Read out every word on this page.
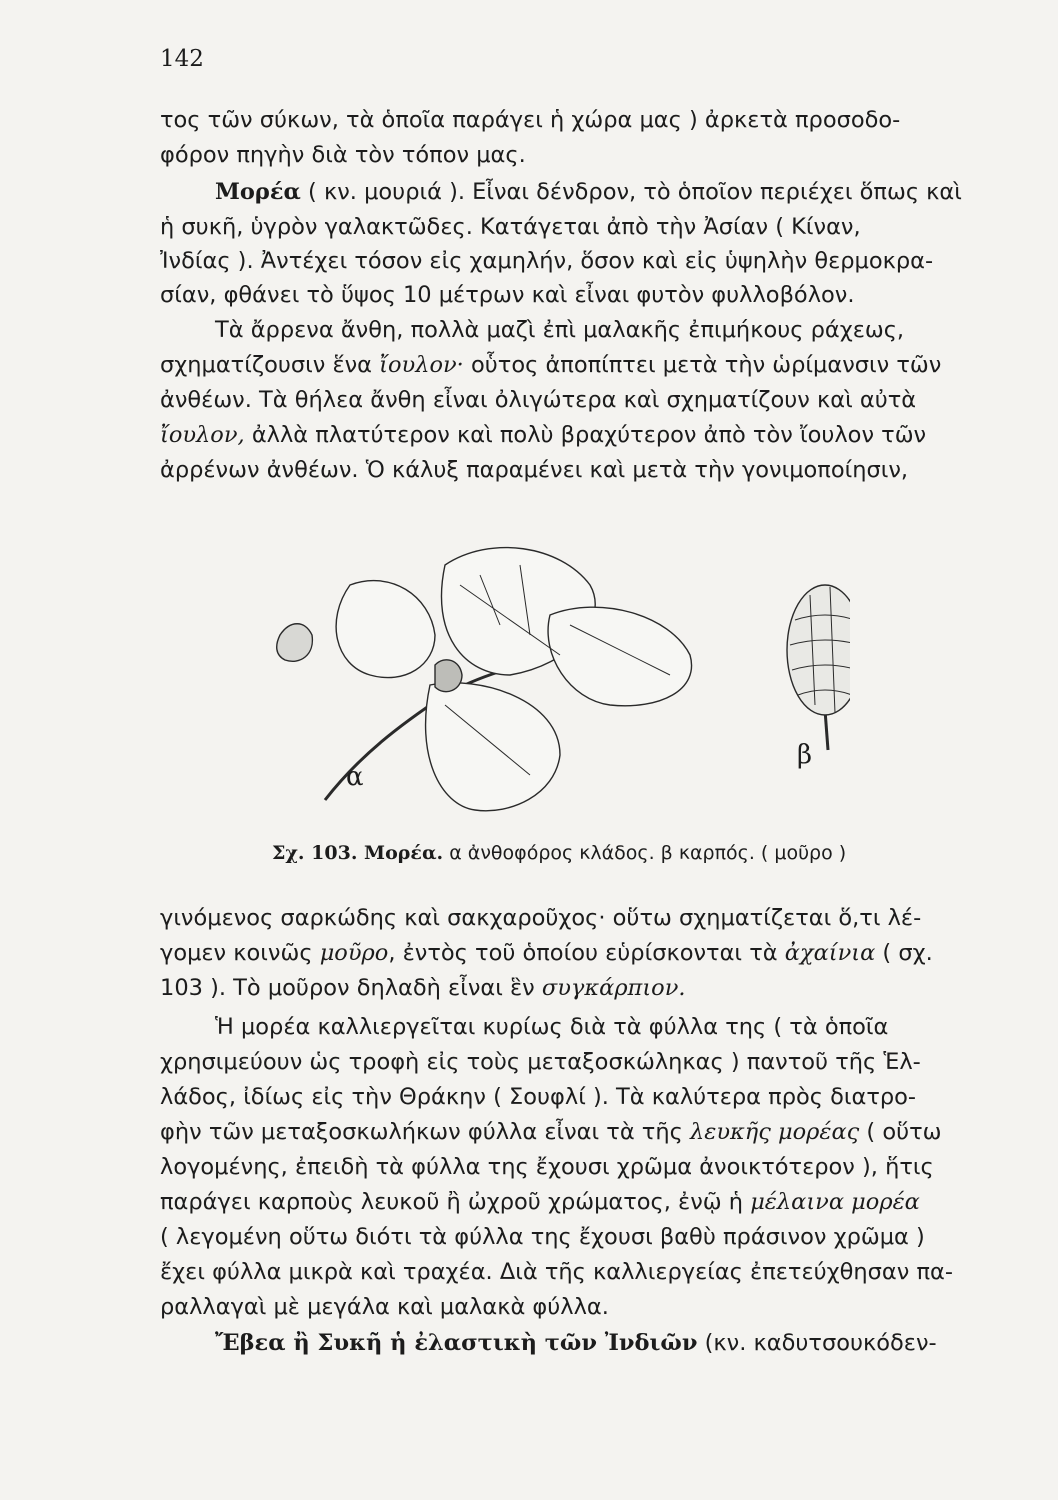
142
τος τῶν σύκων, τὰ ὁποῖα παράγει ἡ χώρα μας ) ἀρκετὰ προσοδο-
φόρον πηγὴν διὰ τὸν τόπον μας.
Μορέα ( κν. μουριά ). Εἶναι δένδρον, τὸ ὁποῖον περιέχει ὅπως καὶ
ἡ συκῆ, ὑγρὸν γαλακτῶδες. Κατάγεται ἀπὸ τὴν Ἀσίαν ( Κίναν,
Ἰνδίας ). Ἀντέχει τόσον εἰς χαμηλήν, ὅσον καὶ εἰς ὑψηλὴν θερμοκρα-
σίαν, φθάνει τὸ ὕψος 10 μέτρων καὶ εἶναι φυτὸν φυλλοβόλον.
Τὰ ἄρρενα ἄνθη, πολλὰ μαζὶ ἐπὶ μαλακῆς ἐπιμήκους ράχεως,
σχηματίζουσιν ἕνα ἴουλον· οὗτος ἀποπίπτει μετὰ τὴν ὡρίμανσιν τῶν
ἀνθέων. Τὰ θήλεα ἄνθη εἶναι ὀλιγώτερα καὶ σχηματίζουν καὶ αὐτὰ
ἴουλον, ἀλλὰ πλατύτερον καὶ πολὺ βραχύτερον ἀπὸ τὸν ἴουλον τῶν
ἀρρένων ἀνθέων. Ὁ κάλυξ παραμένει καὶ μετὰ τὴν γονιμοποίησιν,
α
β
Σχ. 103. Μορέα. α ἀνθοφόρος κλάδος. β καρπός. ( μοῦρο )
γινόμενος σαρκώδης καὶ σακχαροῦχος· οὕτω σχηματίζεται ὅ,τι λέ-
γομεν κοινῶς μοῦρο, ἐντὸς τοῦ ὁποίου εὑρίσκονται τὰ ἀχαίνια ( σχ.
103 ). Τὸ μοῦρον δηλαδὴ εἶναι ἓν συγκάρπιον.
Ἡ μορέα καλλιεργεῖται κυρίως διὰ τὰ φύλλα της ( τὰ ὁποῖα
χρησιμεύουν ὡς τροφὴ εἰς τοὺς μεταξοσκώληκας ) παντοῦ τῆς Ἑλ-
λάδος, ἰδίως εἰς τὴν Θράκην ( Σουφλί ). Τὰ καλύτερα πρὸς διατρο-
φὴν τῶν μεταξοσκωλήκων φύλλα εἶναι τὰ τῆς λευκῆς μορέας ( οὕτω
λογομένης, ἐπειδὴ τὰ φύλλα της ἔχουσι χρῶμα ἀνοικτότερον ), ἥτις
παράγει καρποὺς λευκοῦ ἢ ὠχροῦ χρώματος, ἐνῷ ἡ μέλαινα μορέα
( λεγομένη οὕτω διότι τὰ φύλλα της ἔχουσι βαθὺ πράσινον χρῶμα )
ἔχει φύλλα μικρὰ καὶ τραχέα. Διὰ τῆς καλλιεργείας ἐπετεύχθησαν πα-
ραλλαγαὶ μὲ μεγάλα καὶ μαλακὰ φύλλα.
Ἔβεα ἢ Συκῆ ἡ ἐλαστικὴ τῶν Ἰνδιῶν (κν. καδυτσουκόδεν-
